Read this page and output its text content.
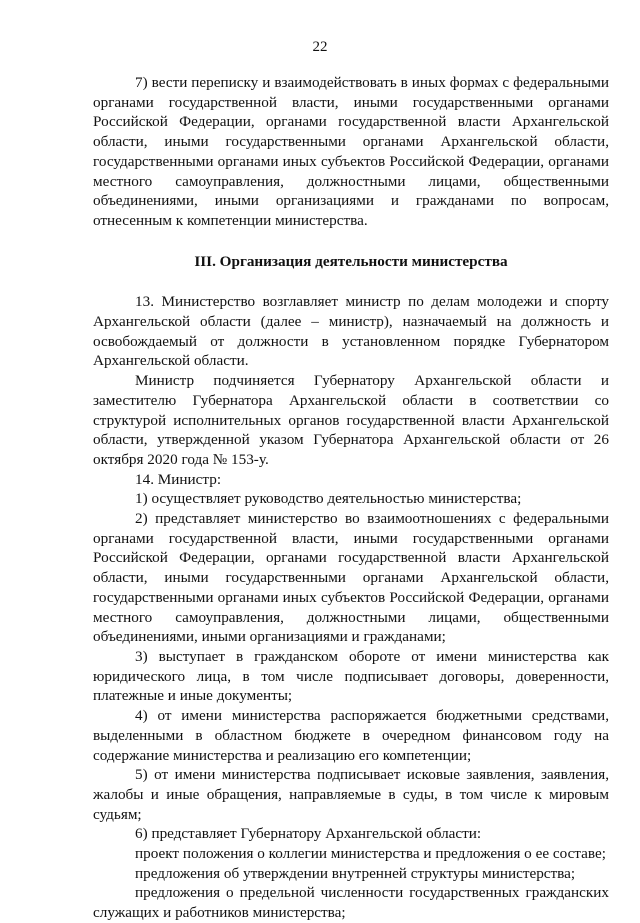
22

7) вести переписку и взаимодействовать в иных формах с федеральными органами государственной власти, иными государственными органами Российской Федерации, органами государственной власти Архангельской области, иными государственными органами Архангельской области, государственными органами иных субъектов Российской Федерации, органами местного самоуправления, должностными лицами, общественными объединениями, иными организациями и гражданами по вопросам, отнесенным к компетенции министерства.

III. Организация деятельности министерства

13. Министерство возглавляет министр по делам молодежи и спорту Архангельской области (далее – министр), назначаемый на должность и освобождаемый от должности в установленном порядке Губернатором Архангельской области.

Министр подчиняется Губернатору Архангельской области и заместителю Губернатора Архангельской области в соответствии со структурой исполнительных органов государственной власти Архангельской области, утвержденной указом Губернатора Архангельской области от 26 октября 2020 года № 153-у.

14. Министр:

1) осуществляет руководство деятельностью министерства;

2) представляет министерство во взаимоотношениях с федеральными органами государственной власти, иными государственными органами Российской Федерации, органами государственной власти Архангельской области, иными государственными органами Архангельской области, государственными органами иных субъектов Российской Федерации, органами местного самоуправления, должностными лицами, общественными объединениями, иными организациями и гражданами;

3) выступает в гражданском обороте от имени министерства как юридического лица, в том числе подписывает договоры, доверенности, платежные и иные документы;

4) от имени министерства распоряжается бюджетными средствами, выделенными в областном бюджете в очередном финансовом году на содержание министерства и реализацию его компетенции;

5) от имени министерства подписывает исковые заявления, заявления, жалобы и иные обращения, направляемые в суды, в том числе к мировым судьям;

6) представляет Губернатору Архангельской области:

проект положения о коллегии министерства и предложения о ее составе;

предложения об утверждении внутренней структуры министерства;

предложения о предельной численности государственных гражданских служащих и работников министерства;
